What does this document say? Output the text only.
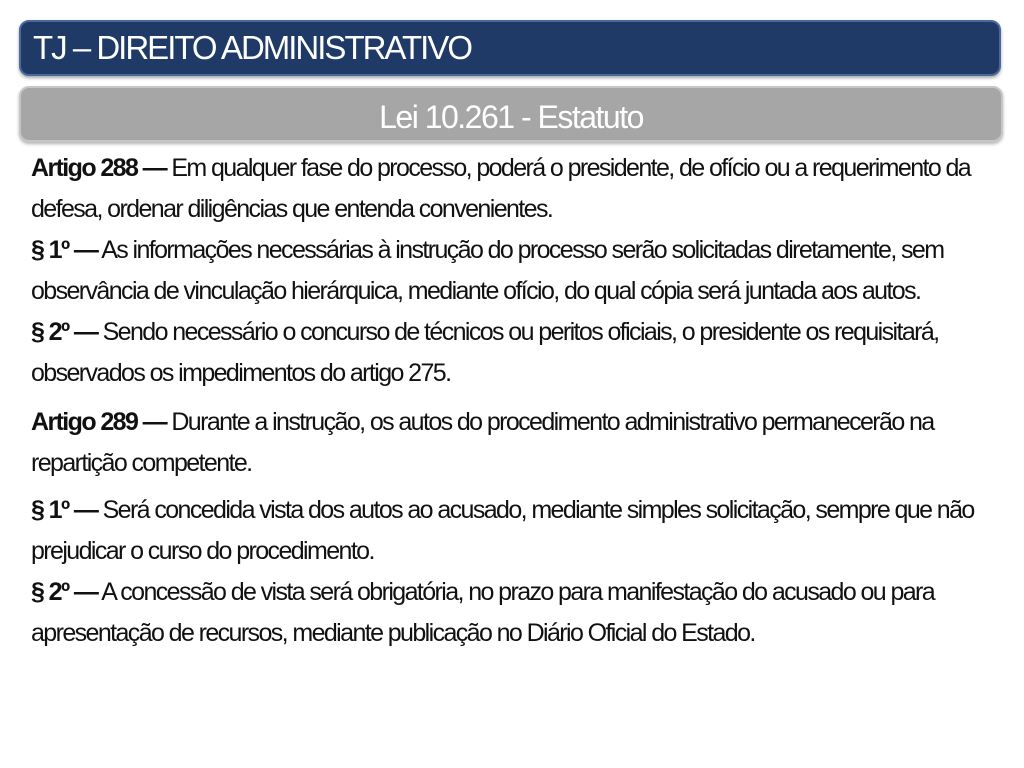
TJ – DIREITO ADMINISTRATIVO
Lei 10.261 - Estatuto

Artigo 288 — Em qualquer fase do processo, poderá o presidente, de ofício ou a requerimento da defesa, ordenar diligências que entenda convenientes.

§ 1º — As informações necessárias à instrução do processo serão solicitadas diretamente, sem observância de vinculação hierárquica, mediante ofício, do qual cópia será juntada aos autos.

§ 2º — Sendo necessário o concurso de técnicos ou peritos oficiais, o presidente os requisitará, observados os impedimentos do artigo 275.

Artigo 289 — Durante a instrução, os autos do procedimento administrativo permanecerão na repartição competente.

§ 1º — Será concedida vista dos autos ao acusado, mediante simples solicitação, sempre que não prejudicar o curso do procedimento.

§ 2º — A concessão de vista será obrigatória, no prazo para manifestação do acusado ou para apresentação de recursos, mediante publicação no Diário Oficial do Estado.
